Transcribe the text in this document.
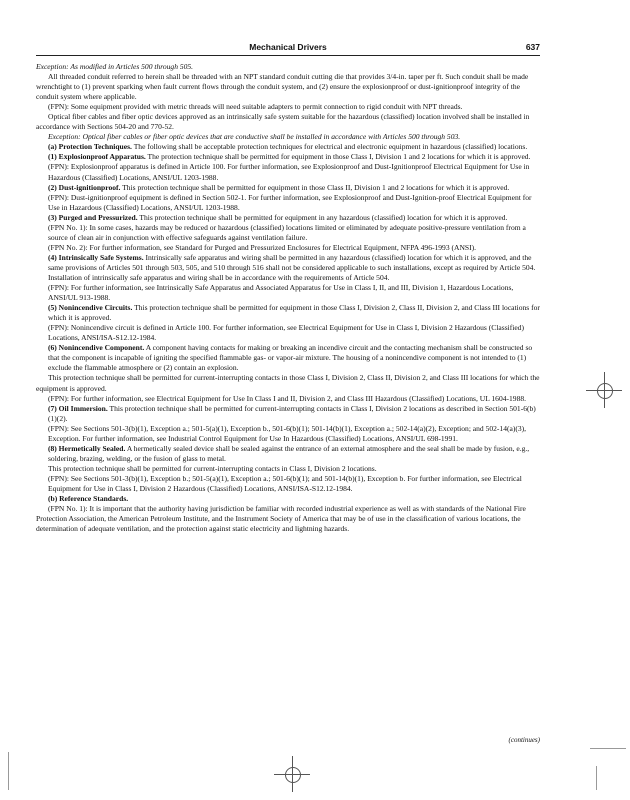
Mechanical Drivers	637

Exception: As modified in Articles 500 through 505.

All threaded conduit referred to herein shall be threaded with an NPT standard conduit cutting die that provides 3/4-in. taper per ft. Such conduit shall be made wrenchtight to (1) prevent sparking when fault current flows through the conduit system, and (2) ensure the explosionproof or dust-ignitionproof integrity of the conduit system where applicable.

(FPN): Some equipment provided with metric threads will need suitable adapters to permit connection to rigid conduit with NPT threads.

Optical fiber cables and fiber optic devices approved as an intrinsically safe system suitable for the hazardous (classified) location involved shall be installed in accordance with Sections 504-20 and 770-52.

Exception: Optical fiber cables or fiber optic devices that are conductive shall be installed in accordance with Articles 500 through 503.

(a) Protection Techniques. The following shall be acceptable protection techniques for electrical and electronic equipment in hazardous (classified) locations.

(1) Explosionproof Apparatus. The protection technique shall be permitted for equipment in those Class I, Division 1 and 2 locations for which it is approved.

(FPN): Explosionproof apparatus is defined in Article 100. For further information, see Explosionproof and Dust-Ignitionproof Electrical Equipment for Use in Hazardous (Classified) Locations, ANSI/UL 1203-1988.

(2) Dust-ignitionproof. This protection technique shall be permitted for equipment in those Class II, Division 1 and 2 locations for which it is approved.

(FPN): Dust-ignitionproof equipment is defined in Section 502-1. For further information, see Explosionproof and Dust-Ignition-proof Electrical Equipment for Use in Hazardous (Classified) Locations, ANSI/UL 1203-1988.

(3) Purged and Pressurized. This protection technique shall be permitted for equipment in any hazardous (classified) location for which it is approved.

(FPN No. 1): In some cases, hazards may be reduced or hazardous (classified) locations limited or eliminated by adequate positive-pressure ventilation from a source of clean air in conjunction with effective safeguards against ventilation failure.

(FPN No. 2): For further information, see Standard for Purged and Pressurized Enclosures for Electrical Equipment, NFPA 496-1993 (ANSI).

(4) Intrinsically Safe Systems. Intrinsically safe apparatus and wiring shall be permitted in any hazardous (classified) location for which it is approved, and the same provisions of Articles 501 through 503, 505, and 510 through 516 shall not be considered applicable to such installations, except as required by Article 504.

Installation of intrinsically safe apparatus and wiring shall be in accordance with the requirements of Article 504.

(FPN): For further information, see Intrinsically Safe Apparatus and Associated Apparatus for Use in Class I, II, and III, Division 1, Hazardous Locations, ANSI/UL 913-1988.

(5) Nonincendive Circuits. This protection technique shall be permitted for equipment in those Class I, Division 2, Class II, Division 2, and Class III locations for which it is approved.

(FPN): Nonincendive circuit is defined in Article 100. For further information, see Electrical Equipment for Use in Class I, Division 2 Hazardous (Classified) Locations, ANSI/ISA-S12.12-1984.

(6) Nonincendive Component. A component having contacts for making or breaking an incendive circuit and the contacting mechanism shall be constructed so that the component is incapable of igniting the specified flammable gas- or vapor-air mixture. The housing of a nonincendive component is not intended to (1) exclude the flammable atmosphere or (2) contain an explosion.

This protection technique shall be permitted for current-interrupting contacts in those Class I, Division 2, Class II, Division 2, and Class III locations for which the equipment is approved.

(FPN): For further information, see Electrical Equipment for Use In Class I and II, Division 2, and Class III Hazardous (Classified) Locations, UL 1604-1988.

(7) Oil Immersion. This protection technique shall be permitted for current-interrupting contacts in Class I, Division 2 locations as described in Section 501-6(b)(1)(2).

(FPN): See Sections 501-3(b)(1), Exception a.; 501-5(a)(1), Exception b., 501-6(b)(1); 501-14(b)(1), Exception a.; 502-14(a)(2), Exception; and 502-14(a)(3), Exception. For further information, see Industrial Control Equipment for Use In Hazardous (Classified) Locations, ANSI/UL 698-1991.

(8) Hermetically Sealed. A hermetically sealed device shall be sealed against the entrance of an external atmosphere and the seal shall be made by fusion, e.g., soldering, brazing, welding, or the fusion of glass to metal.

This protection technique shall be permitted for current-interrupting contacts in Class I, Division 2 locations.

(FPN): See Sections 501-3(b)(1), Exception b.; 501-5(a)(1), Exception a.; 501-6(b)(1); and 501-14(b)(1), Exception b. For further information, see Electrical Equipment for Use in Class I, Division 2 Hazardous (Classified) Locations, ANSI/ISA-S12.12-1984.

(b) Reference Standards.

(FPN No. 1): It is important that the authority having jurisdiction be familiar with recorded industrial experience as well as with standards of the National Fire Protection Association, the American Petroleum Institute, and the Instrument Society of America that may be of use in the classification of various locations, the determination of adequate ventilation, and the protection against static electricity and lightning hazards.

(continues)
